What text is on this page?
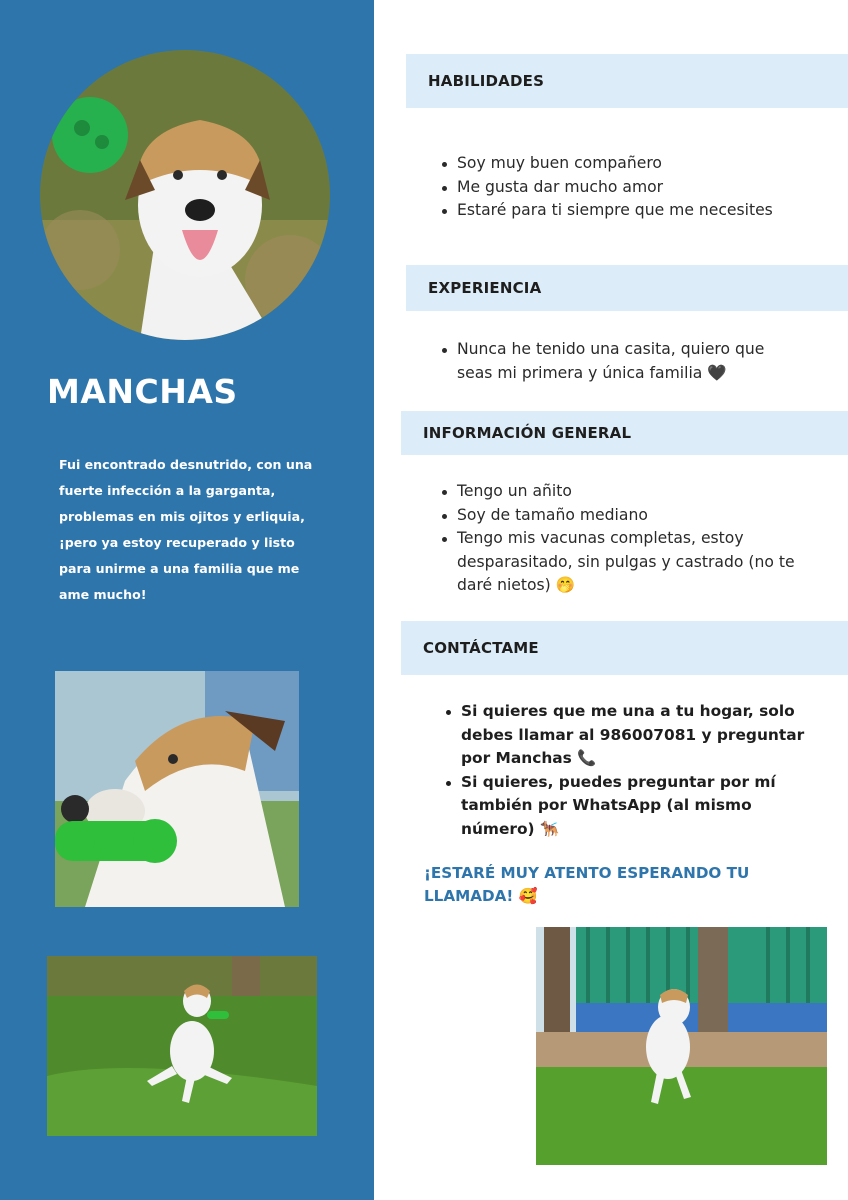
MANCHAS

Fui encontrado desnutrido, con una fuerte infección a la garganta, problemas en mis ojitos y erliquia, ¡pero ya estoy recuperado y listo para unirme a una familia que me ame mucho!

HABILIDADES
Soy muy buen compañero
Me gusta dar mucho amor
Estaré para ti siempre que me necesites
EXPERIENCIA
Nunca he tenido una casita, quiero que seas mi primera y única familia 🖤
INFORMACIÓN GENERAL
Tengo un añito
Soy de tamaño mediano
Tengo mis vacunas completas, estoy desparasitado, sin pulgas y castrado (no te daré nietos) 🤭
CONTÁCTAME
Si quieres que me una a tu hogar, solo debes llamar al 986007081 y preguntar por Manchas 📞
Si quieres, puedes preguntar por mí también por WhatsApp (al mismo número) 🐕‍🦺

¡ESTARÉ MUY ATENTO ESPERANDO TU LLAMADA! 🥰
